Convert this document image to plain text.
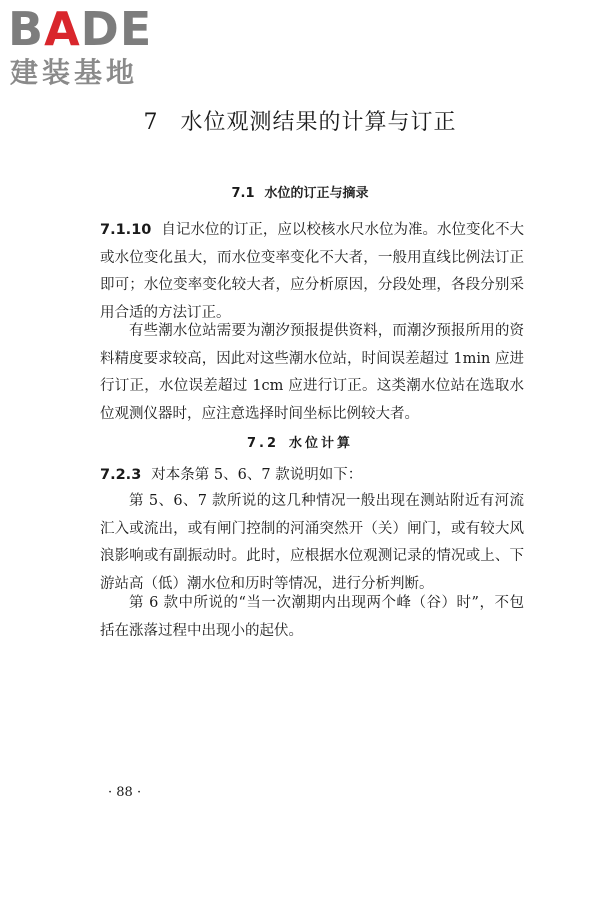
BADE
建装基地
7 水位观测结果的计算与订正
7.1 水位的订正与摘录

7.1.10 自记水位的订正，应以校核水尺水位为准。水位变化不大或水位变化虽大，而水位变率变化不大者，一般用直线比例法订正即可；水位变率变化较大者，应分析原因，分段处理，各段分别采用合适的方法订正。

有些潮水位站需要为潮汐预报提供资料，而潮汐预报所用的资料精度要求较高，因此对这些潮水位站，时间误差超过 1min 应进行订正，水位误差超过 1cm 应进行订正。这类潮水位站在选取水位观测仪器时，应注意选择时间坐标比例较大者。

7.2 水位计算

7.2.3 对本条第 5、6、7 款说明如下：

第 5、6、7 款所说的这几种情况一般出现在测站附近有河流汇入或流出，或有闸门控制的河涌突然开（关）闸门，或有较大风浪影响或有副振动时。此时，应根据水位观测记录的情况或上、下游站高（低）潮水位和历时等情况，进行分析判断。

第 6 款中所说的“当一次潮期内出现两个峰（谷）时”，不包括在涨落过程中出现小的起伏。

· 88 ·
